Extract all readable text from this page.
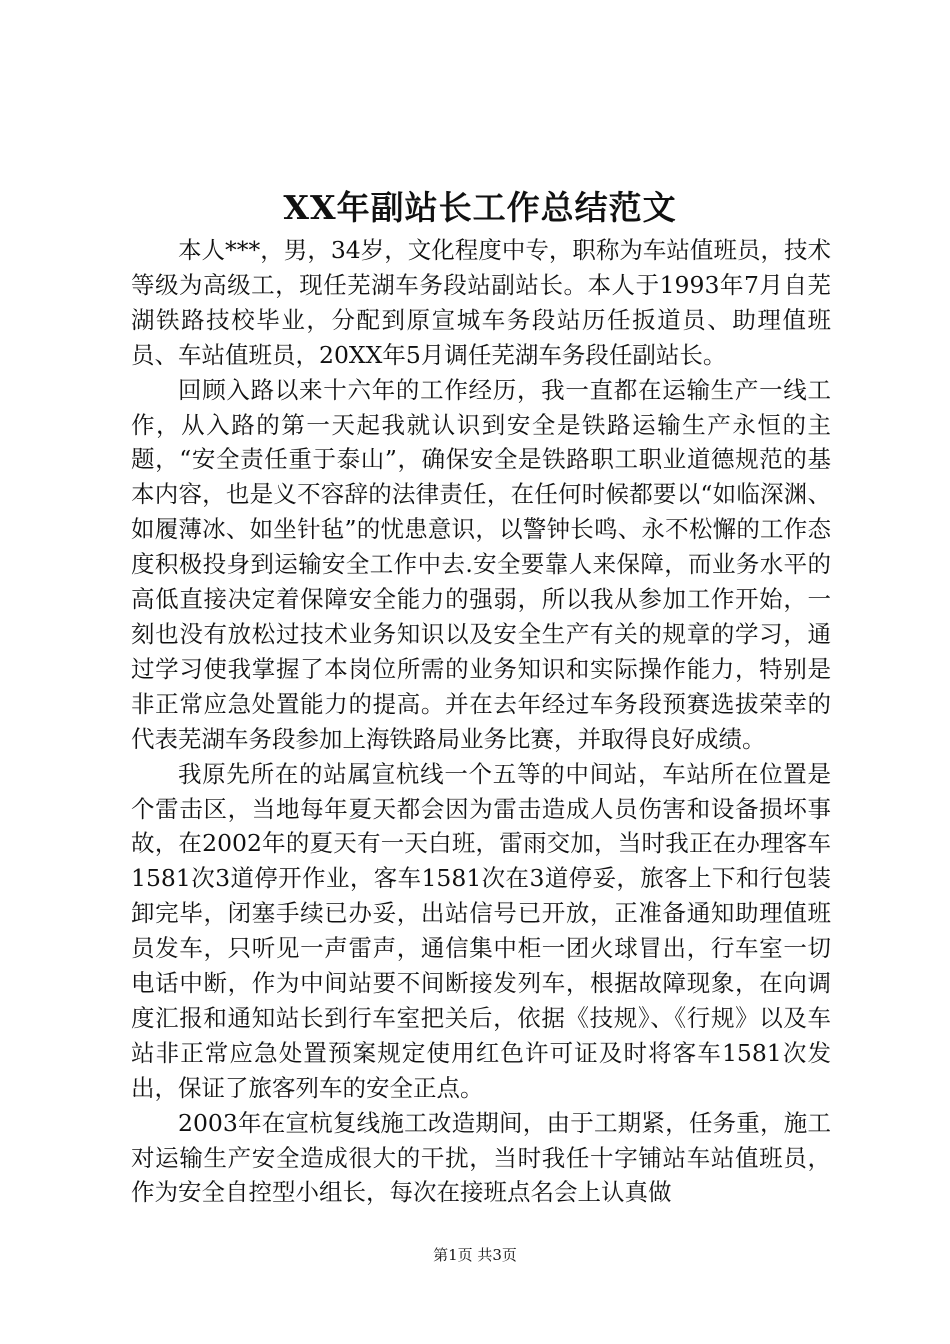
XX年副站长工作总结范文

本人***，男，34岁，文化程度中专，职称为车站值班员，技术等级为高级工，现任芜湖车务段站副站长。本人于1993年7月自芜湖铁路技校毕业，分配到原宣城车务段站历任扳道员、助理值班员、车站值班员，20XX年5月调任芜湖车务段任副站长。

回顾入路以来十六年的工作经历，我一直都在运输生产一线工作，从入路的第一天起我就认识到安全是铁路运输生产永恒的主题，“安全责任重于泰山”，确保安全是铁路职工职业道德规范的基本内容，也是义不容辞的法律责任，在任何时候都要以“如临深渊、如履薄冰、如坐针毡”的忧患意识，以警钟长鸣、永不松懈的工作态度积极投身到运输安全工作中去.安全要靠人来保障，而业务水平的高低直接决定着保障安全能力的强弱，所以我从参加工作开始，一刻也没有放松过技术业务知识以及安全生产有关的规章的学习，通过学习使我掌握了本岗位所需的业务知识和实际操作能力，特别是非正常应急处置能力的提高。并在去年经过车务段预赛选拔荣幸的代表芜湖车务段参加上海铁路局业务比赛，并取得良好成绩。

我原先所在的站属宣杭线一个五等的中间站，车站所在位置是个雷击区，当地每年夏天都会因为雷击造成人员伤害和设备损坏事故，在2002年的夏天有一天白班，雷雨交加，当时我正在办理客车1581次3道停开作业，客车1581次在3道停妥，旅客上下和行包装卸完毕，闭塞手续已办妥，出站信号已开放，正准备通知助理值班员发车，只听见一声雷声，通信集中柜一团火球冒出，行车室一切电话中断，作为中间站要不间断接发列车，根据故障现象，在向调度汇报和通知站长到行车室把关后，依据《技规》、《行规》以及车站非正常应急处置预案规定使用红色许可证及时将客车1581次发出，保证了旅客列车的安全正点。

2003年在宣杭复线施工改造期间，由于工期紧，任务重，施工对运输生产安全造成很大的干扰，当时我任十字铺站车站值班员，作为安全自控型小组长，每次在接班点名会上认真做

第1页 共3页
